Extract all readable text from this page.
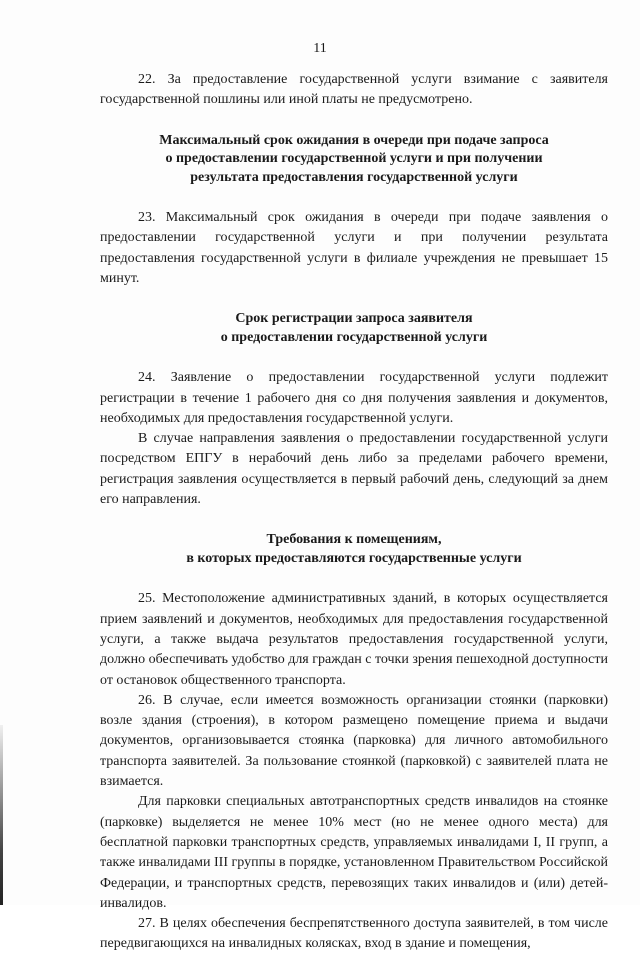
11

22. За предоставление государственной услуги взимание с заявителя государственной пошлины или иной платы не предусмотрено.

Максимальный срок ожидания в очереди при подаче запроса
о предоставлении государственной услуги и при получении
результата предоставления государственной услуги

23. Максимальный срок ожидания в очереди при подаче заявления о предоставлении государственной услуги и при получении результата предоставления государственной услуги в филиале учреждения не превышает 15 минут.

Срок регистрации запроса заявителя
о предоставлении государственной услуги

24. Заявление о предоставлении государственной услуги подлежит регистрации в течение 1 рабочего дня со дня получения заявления и документов, необходимых для предоставления государственной услуги.

В случае направления заявления о предоставлении государственной услуги посредством ЕПГУ в нерабочий день либо за пределами рабочего времени, регистрация заявления осуществляется в первый рабочий день, следующий за днем его направления.

Требования к помещениям,
в которых предоставляются государственные услуги

25. Местоположение административных зданий, в которых осуществляется прием заявлений и документов, необходимых для предоставления государственной услуги, а также выдача результатов предоставления государственной услуги, должно обеспечивать удобство для граждан с точки зрения пешеходной доступности от остановок общественного транспорта.

26. В случае, если имеется возможность организации стоянки (парковки) возле здания (строения), в котором размещено помещение приема и выдачи документов, организовывается стоянка (парковка) для личного автомобильного транспорта заявителей. За пользование стоянкой (парковкой) с заявителей плата не взимается.

Для парковки специальных автотранспортных средств инвалидов на стоянке (парковке) выделяется не менее 10% мест (но не менее одного места) для бесплатной парковки транспортных средств, управляемых инвалидами I, II групп, а также инвалидами III группы в порядке, установленном Правительством Российской Федерации, и транспортных средств, перевозящих таких инвалидов и (или) детей-инвалидов.

27. В целях обеспечения беспрепятственного доступа заявителей, в том числе передвигающихся на инвалидных колясках, вход в здание и помещения,
